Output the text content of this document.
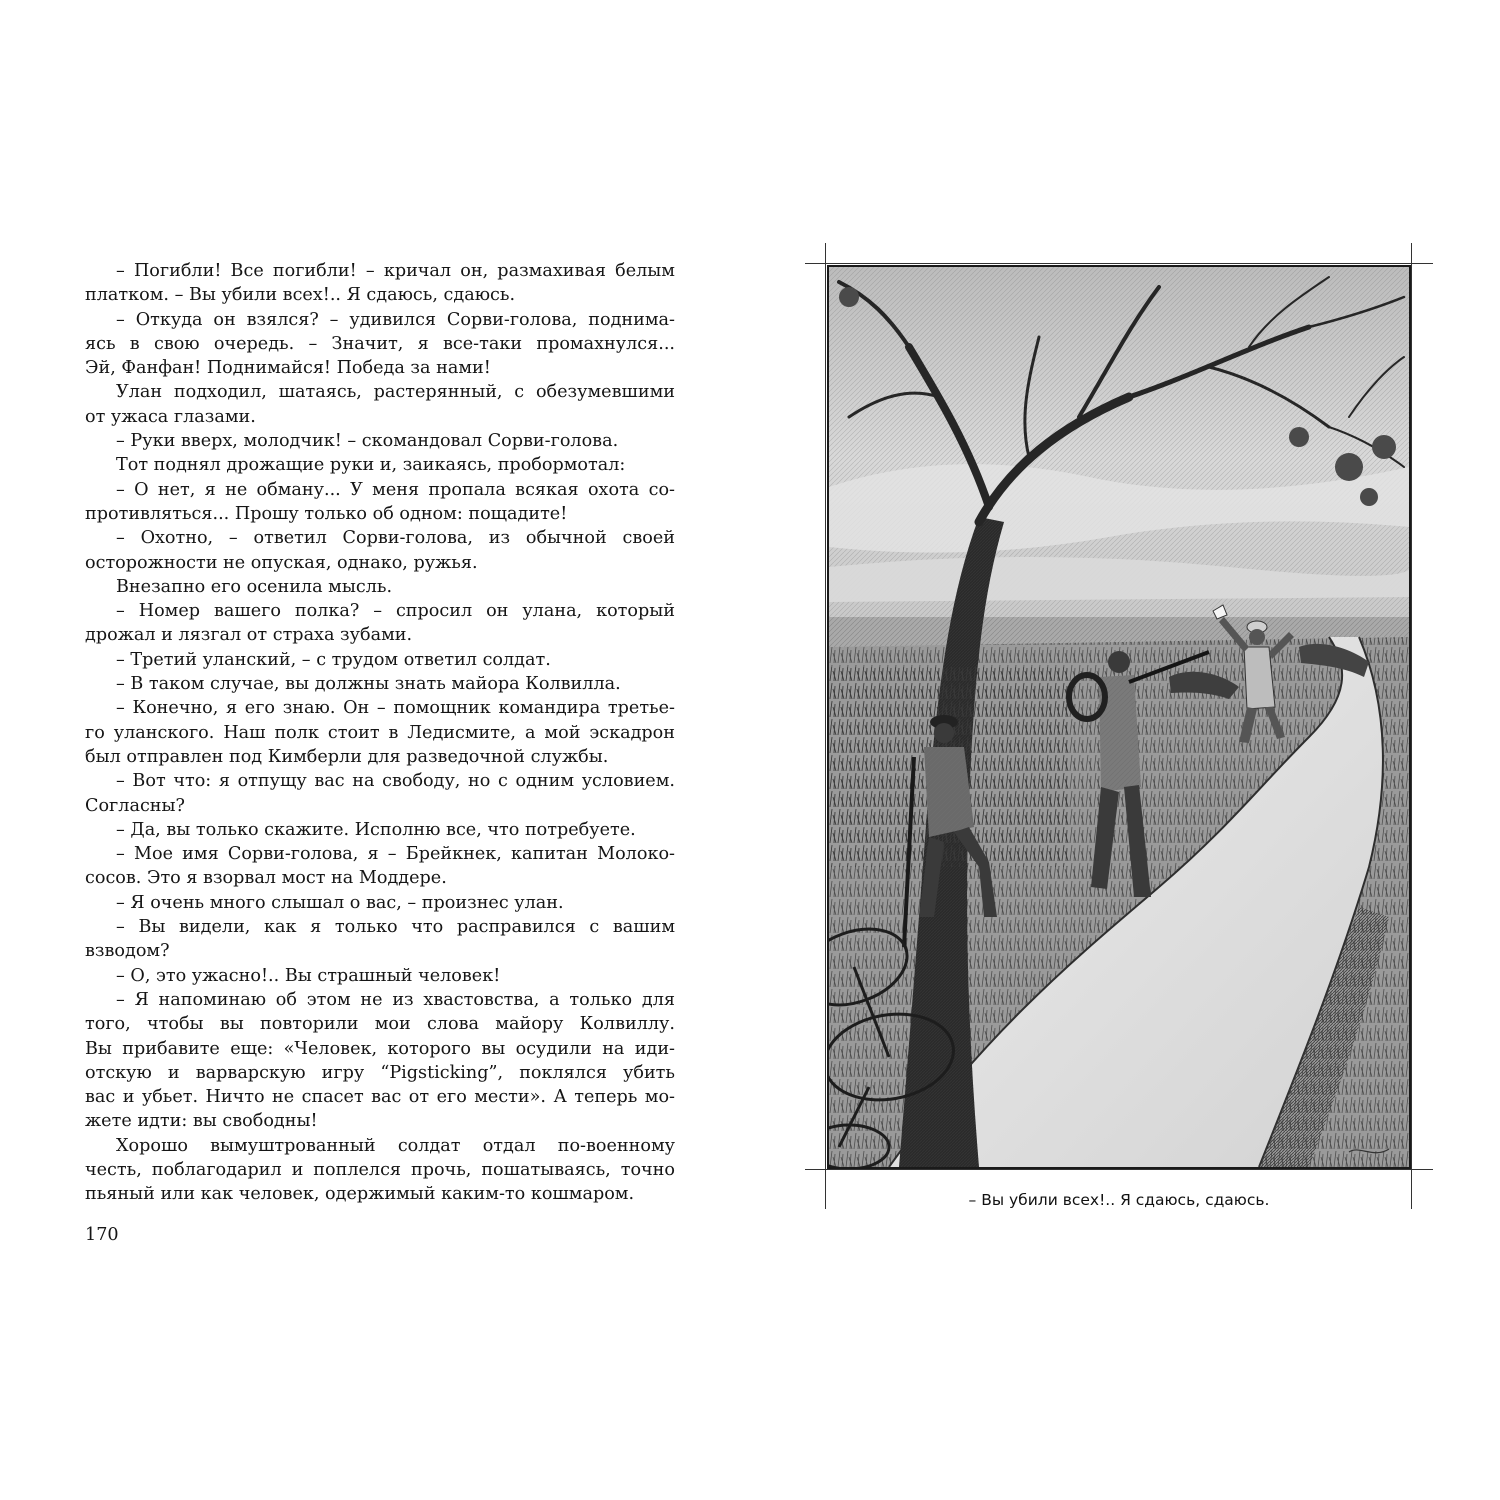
– Погибли! Все погибли! – кричал он, размахивая белым

платком. – Вы убили всех!.. Я сдаюсь, сдаюсь.

– Откуда он взялся? – удивился Сорви-голова, поднима-

ясь в свою очередь. – Значит, я все-таки промахнулся...

Эй, Фанфан! Поднимайся! Победа за нами!

Улан подходил, шатаясь, растерянный, с обезумевшими

от ужаса глазами.

– Руки вверх, молодчик! – скомандовал Сорви-голова.

Тот поднял дрожащие руки и, заикаясь, пробормотал:

– О нет, я не обману... У меня пропала всякая охота со-

противляться... Прошу только об одном: пощадите!

– Охотно, – ответил Сорви-голова, из обычной своей

осторожности не опуская, однако, ружья.

Внезапно его осенила мысль.

– Номер вашего полка? – спросил он улана, который

дрожал и лязгал от страха зубами.

– Третий уланский, – с трудом ответил солдат.

– В таком случае, вы должны знать майора Колвилла.

– Конечно, я его знаю. Он – помощник командира третье-

го уланского. Наш полк стоит в Ледисмите, а мой эскадрон

был отправлен под Кимберли для разведочной службы.

– Вот что: я отпущу вас на свободу, но с одним условием.

Согласны?

– Да, вы только скажите. Исполню все, что потребуете.

– Мое имя Сорви-голова, я – Брейкнек, капитан Молоко-

сосов. Это я взорвал мост на Моддере.

– Я очень много слышал о вас, – произнес улан.

– Вы видели, как я только что расправился с вашим

взводом?

– О, это ужасно!.. Вы страшный человек!

– Я напоминаю об этом не из хвастовства, а только для

того, чтобы вы повторили мои слова майору Колвиллу.

Вы прибавите еще: «Человек, которого вы осудили на иди-

отскую и варварскую игру “Pigsticking”, поклялся убить

вас и убьет. Ничто не спасет вас от его мести». А теперь мо-

жете идти: вы свободны!

Хорошо вымуштрованный солдат отдал по-военному

честь, поблагодарил и поплелся прочь, пошатываясь, точно

пьяный или как человек, одержимый каким-то кошмаром.

170
– Вы убили всех!.. Я сдаюсь, сдаюсь.
